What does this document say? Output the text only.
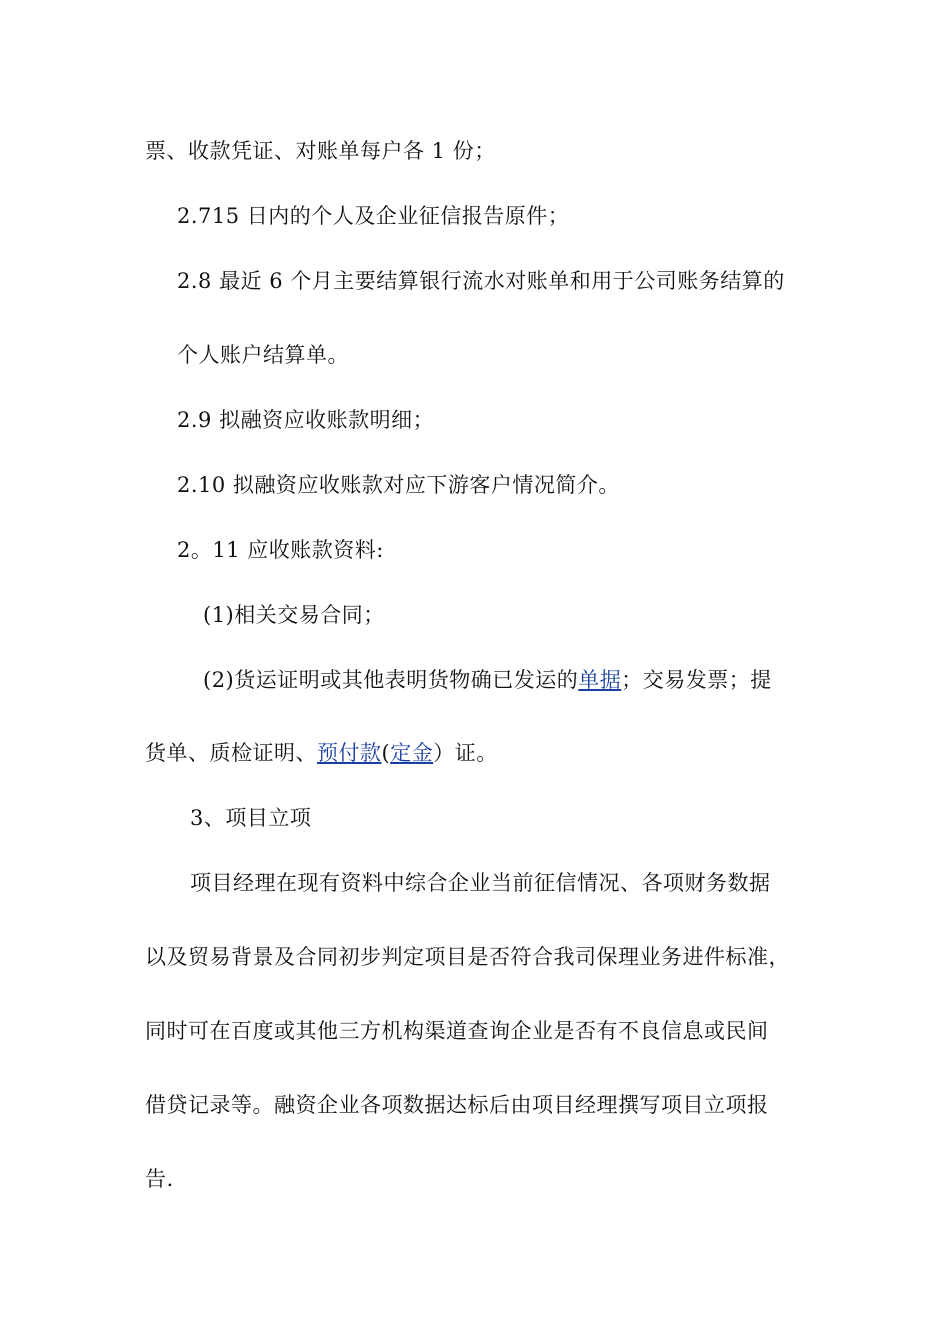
票、收款凭证、对账单每户各 1 份；
2.715 日内的个人及企业征信报告原件；
2.8 最近 6 个月主要结算银行流水对账单和用于公司账务结算的
个人账户结算单。
2.9 拟融资应收账款明细；
2.10 拟融资应收账款对应下游客户情况简介。
2。11 应收账款资料:
(1)相关交易合同；
(2)货运证明或其他表明货物确已发运的单据；交易发票；提
货单、质检证明、预付款(定金）证。
3、项目立项
项目经理在现有资料中综合企业当前征信情况、各项财务数据
以及贸易背景及合同初步判定项目是否符合我司保理业务进件标准，
同时可在百度或其他三方机构渠道查询企业是否有不良信息或民间
借贷记录等。融资企业各项数据达标后由项目经理撰写项目立项报
告.
